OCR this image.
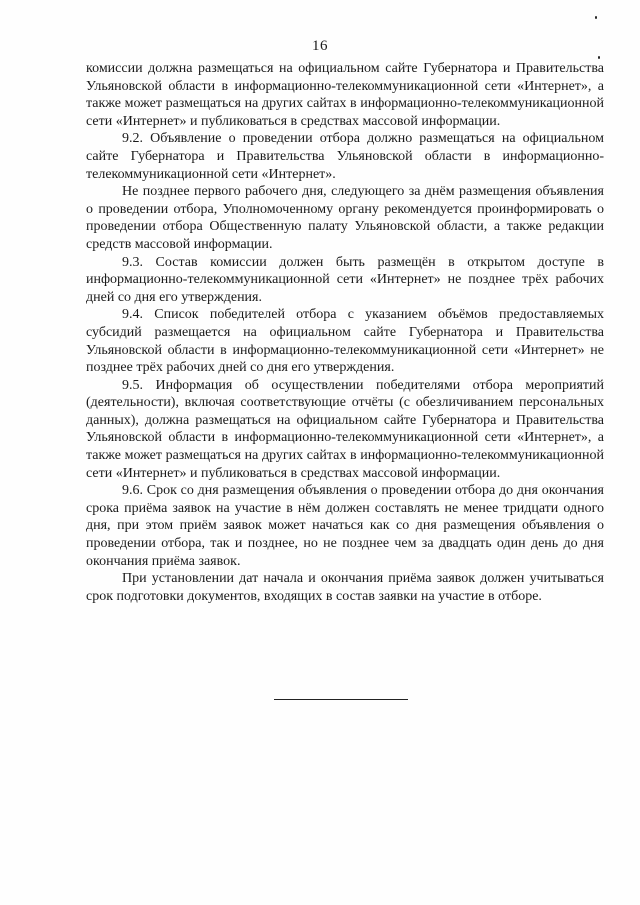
16

комиссии должна размещаться на официальном сайте Губернатора и Правительства Ульяновской области в информационно-телекоммуникационной сети «Интернет», а также может размещаться на других сайтах в информационно-телекоммуникационной сети «Интернет» и публиковаться в средствах массовой информации.

9.2. Объявление о проведении отбора должно размещаться на официальном сайте Губернатора и Правительства Ульяновской области в информационно-телекоммуникационной сети «Интернет».

Не позднее первого рабочего дня, следующего за днём размещения объявления о проведении отбора, Уполномоченному органу рекомендуется проинформировать о проведении отбора Общественную палату Ульяновской области, а также редакции средств массовой информации.

9.3. Состав комиссии должен быть размещён в открытом доступе в информационно-телекоммуникационной сети «Интернет» не позднее трёх рабочих дней со дня его утверждения.

9.4. Список победителей отбора с указанием объёмов предоставляемых субсидий размещается на официальном сайте Губернатора и Правительства Ульяновской области в информационно-телекоммуникационной сети «Интернет» не позднее трёх рабочих дней со дня его утверждения.

9.5. Информация об осуществлении победителями отбора мероприятий (деятельности), включая соответствующие отчёты (с обезличиванием персональных данных), должна размещаться на официальном сайте Губернатора и Правительства Ульяновской области в информационно-телекоммуникационной сети «Интернет», а также может размещаться на других сайтах в информационно-телекоммуникационной сети «Интернет» и публиковаться в средствах массовой информации.

9.6. Срок со дня размещения объявления о проведении отбора до дня окончания срока приёма заявок на участие в нём должен составлять не менее тридцати одного дня, при этом приём заявок может начаться как со дня размещения объявления о проведении отбора, так и позднее, но не позднее чем за двадцать один день до дня окончания приёма заявок.

При установлении дат начала и окончания приёма заявок должен учитываться срок подготовки документов, входящих в состав заявки на участие в отборе.
